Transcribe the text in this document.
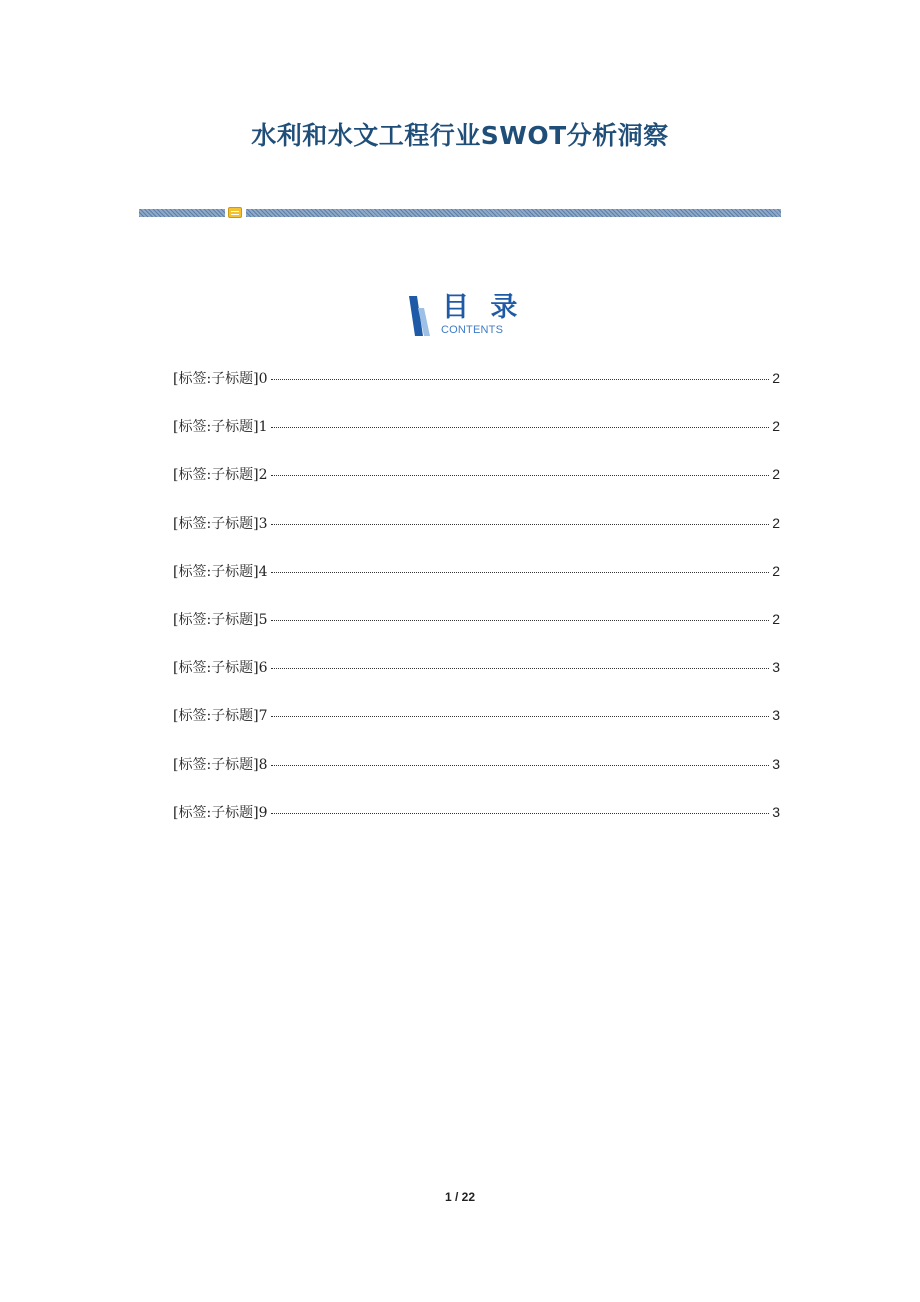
水利和水文工程行业SWOT分析洞察
目 录
CONTENTS
[标签:子标题]0	2
[标签:子标题]1	2
[标签:子标题]2	2
[标签:子标题]3	2
[标签:子标题]4	2
[标签:子标题]5	2
[标签:子标题]6	3
[标签:子标题]7	3
[标签:子标题]8	3
[标签:子标题]9	3
1 / 22
